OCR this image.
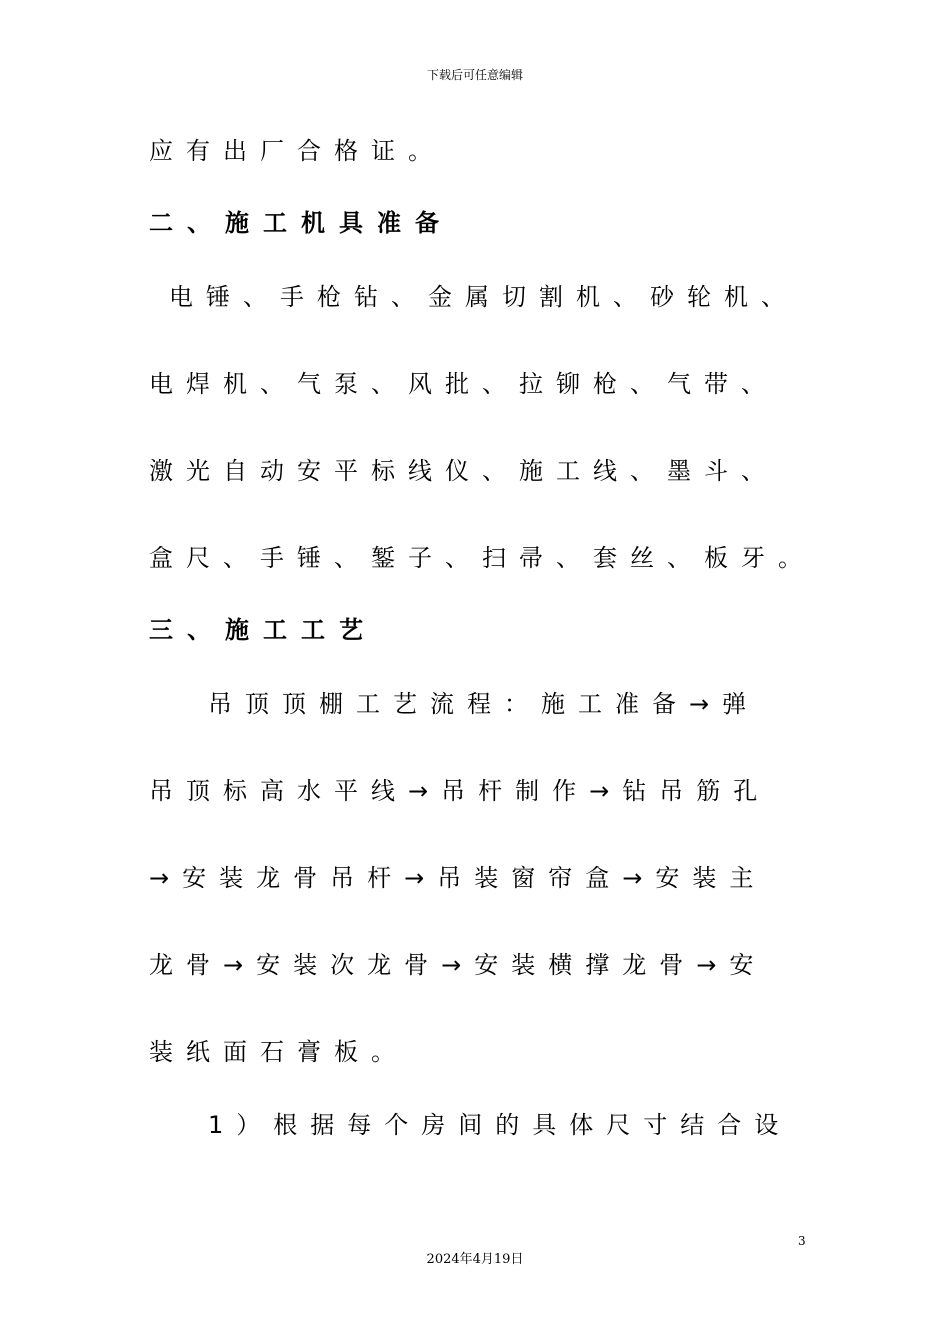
下载后可任意编辑
应有出厂合格证。
二、施工机具准备
电锤、手枪钻、金属切割机、砂轮机、
电焊机、气泵、风批、拉铆枪、气带、
激光自动安平标线仪、施工线、墨斗、
盒尺、手锤、錾子、扫帚、套丝、板牙。
三、施工工艺
吊顶顶棚工艺流程：施工准备→弹
吊顶标高水平线→吊杆制作→钻吊筋孔
→安装龙骨吊杆→吊装窗帘盒→安装主
龙骨→安装次龙骨→安装横撑龙骨→安
装纸面石膏板。
1）根据每个房间的具体尺寸结合设
3
2024年4月19日
